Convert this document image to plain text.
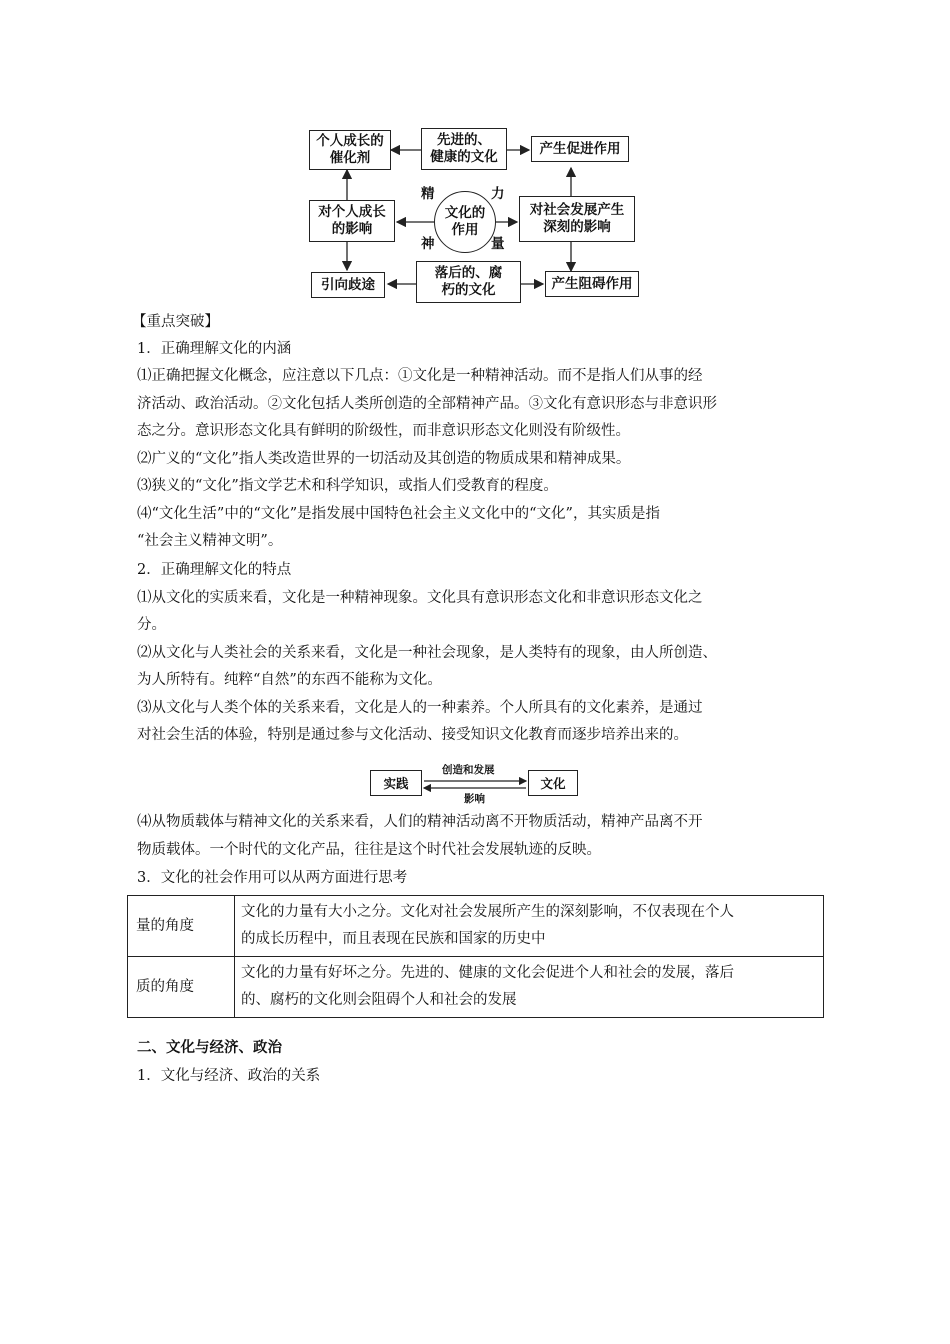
个人成长的
催化剂
先进的、
健康的文化
产生促进作用
对个人成长
的影响
文化的
作用
对社会发展产生
深刻的影响
引向歧途
落后的、腐
朽的文化	产生阻碍作用
精
神
力
量
【重点突破】
1．正确理解文化的内涵
⑴正确把握文化概念，应注意以下几点：①文化是一种精神活动。而不是指人们从事的经
济活动、政治活动。②文化包括人类所创造的全部精神产品。③文化有意识形态与非意识形
态之分。意识形态文化具有鲜明的阶级性，而非意识形态文化则没有阶级性。
⑵广义的“文化”指人类改造世界的一切活动及其创造的物质成果和精神成果。
⑶狭义的“文化”指文学艺术和科学知识，或指人们受教育的程度。
⑷“文化生活”中的“文化”是指发展中国特色社会主义文化中的“文化”，其实质是指
“社会主义精神文明”。
2．正确理解文化的特点
⑴从文化的实质来看，文化是一种精神现象。文化具有意识形态文化和非意识形态文化之
分。
⑵从文化与人类社会的关系来看，文化是一种社会现象，是人类特有的现象，由人所创造、
为人所特有。纯粹“自然”的东西不能称为文化。
⑶从文化与人类个体的关系来看，文化是人的一种素养。个人所具有的文化素养，是通过
对社会生活的体验，特别是通过参与文化活动、接受知识文化教育而逐步培养出来的。
实践	文化
创造和发展
影响
⑷从物质载体与精神文化的关系来看，人们的精神活动离不开物质活动，精神产品离不开
物质载体。一个时代的文化产品，往往是这个时代社会发展轨迹的反映。
3．文化的社会作用可以从两方面进行思考
量的角度	文化的力量有大小之分。文化对社会发展所产生的深刻影响，不仅表现在个人
的成长历程中，而且表现在民族和国家的历史中

质的角度	文化的力量有好坏之分。先进的、健康的文化会促进个人和社会的发展，落后
的、腐朽的文化则会阻碍个人和社会的发展
二、文化与经济、政治
1．文化与经济、政治的关系
